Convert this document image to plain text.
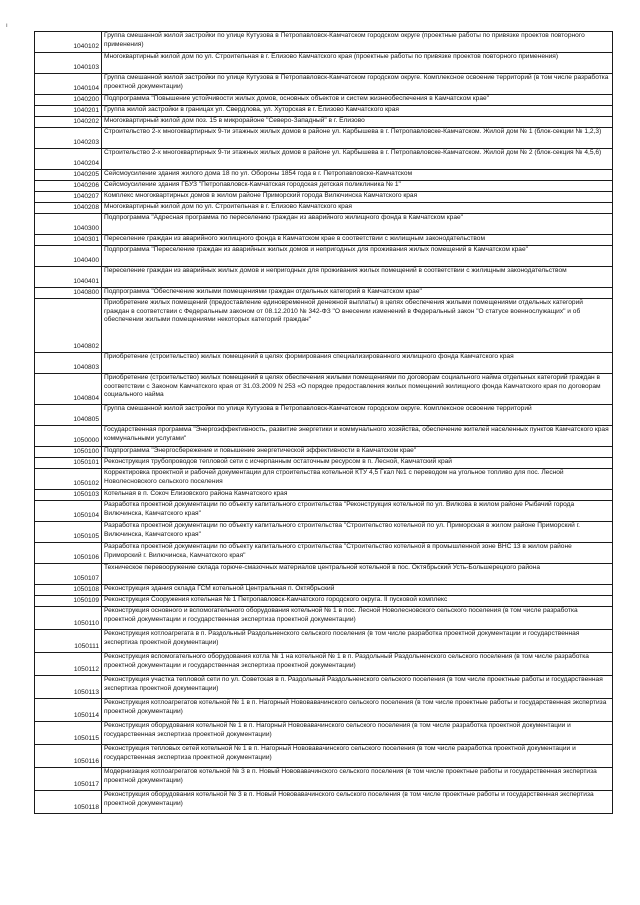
ı
1040102	Группа смешанной жилой застройки по улице Кутузова в Петропавловск-Камчатском городском округе (проектные работы по привязке проектов повторного применения)
1040103	Многоквартирный жилой дом по ул. Строительная в г. Елизово Камчатского края (проектные работы по привязке проектов повторного применения)
1040104	Группа смешанной жилой застройки по улице Кутузова в Петропавловск-Камчатском городском округе. Комплексное освоение территорий (в том числе разработка проектной документации)
1040200	Подпрограмма "Повышение устойчивости жилых домов, основных объектов и систем жизнеобеспечения в Камчатском крае"
1040201	Группа жилой застройки в границах ул. Свердлова, ул. Хуторская в г. Елизово Камчатского края
1040202	Многоквартирный жилой дом поз. 15 в микрорайоне "Северо-Западный" в г. Елизово
1040203	Строительство 2-х многоквартирных 9-ти этажных жилых домов в районе ул. Карбышева в г. Петропавловске-Камчатском. Жилой дом № 1 (блок-секции № 1,2,3)
1040204	Строительство 2-х многоквартирных 9-ти этажных жилых домов в районе ул. Карбышева в г. Петропавловске-Камчатском. Жилой дом № 2 (блок-секция № 4,5,6)
1040205	Сейсмоусиление здания жилого дома 18 по ул. Обороны 1854 года в г. Петропавловске-Камчатском
1040206	Сейсмоусиление здания ГБУЗ "Петропавловск-Камчатская городская детская поликлиника № 1"
1040207	Комплекс многоквартирных домов в жилом районе Приморский города Вилючинска Камчатского края
1040208	Многоквартирный жилой дом по ул. Строительная в г. Елизово Камчатского края
1040300	Подпрограмма "Адресная программа по переселению граждан из аварийного жилищного фонда в Камчатском крае"
1040301	Переселение граждан из аварийного жилищного фонда в Камчатском крае в соответствии с жилищным законодательством
1040400	Подпрограмма "Переселение граждан из аварийных жилых домов и непригодных для проживания жилых помещений в Камчатском крае"
1040401	Переселение граждан из аварийных жилых домов и непригодных для проживания жилых помещений в соответствии с жилищным законодательством
1040800	Подпрограмма "Обеспечение жилыми помещениями граждан отдельных категорий в Камчатском крае"
1040802	Приобретение жилых помещений (предоставление единовременной денежной выплаты) в целях обеспечения жилыми помещениями отдельных категорий граждан в соответствии с Федеральным законом от 08.12.2010 № 342-ФЗ "О внесении изменений в Федеральный закон "О статусе военнослужащих" и об обеспечении жилыми помещениями некоторых категорий граждан"
1040803	Приобретение (строительство) жилых помещений в целях формирования специализированного жилищного фонда Камчатского края
1040804	Приобретение (строительство) жилых помещений в целях обеспечения жилыми помещениями по договорам социального найма отдельных категорий граждан в соответствии с Законом Камчатского края от 31.03.2009 N 253 «О порядке предоставления жилых помещений жилищного фонда Камчатского края по договорам социального найма
1040805	Группа смешанной жилой застройки по улице Кутузова в Петропавловск-Камчатском городском округе. Комплексное освоение территорий
1050000	Государственная программа "Энергоэффективность, развитие энергетики и коммунального хозяйства, обеспечение жителей населенных пунктов Камчатского края коммунальными услугами"
1050100	Подпрограмма "Энергосбережение и повышение энергетической эффективности в Камчатском крае"
1050101	Реконструкция трубопроводов тепловой сети с исчерпанным остаточным ресурсом в п. Лесной, Камчатский край
1050102	Корректировка проектной и рабочей документации для строительства котельной КТУ 4,5 Гкал №1 с переводом на угольное топливо для пос. Лесной Новолесновского сельского поселения
1050103	Котельная в п. Сокоч Елизовского района Камчатского края
1050104	Разработка проектной документации по объекту капитального строительства "Реконструкция котельной по ул. Вилкова в жилом районе Рыбачий города Вилючинска, Камчатского края"
1050105	Разработка проектной документации по объекту капитального строительства "Строительство котельной по ул. Приморская в жилом районе Приморский г. Вилючинска, Камчатского края"
1050106	Разработка проектной документации по объекту капитального строительства "Строительство котельной в промышленной зоне ВНС 13 в жилом районе Приморский г. Вилючинска, Камчатского края"
1050107	Техническое перевооружение склада горюче-смазочных материалов центральной котельной в пос. Октябрьский Усть-Большерецкого района
1050108	Реконструкция здания склада ГСМ котельной Центральная п. Октябрьский
1050109	Реконструкция Сооружения котельная № 1 Петропавловск-Камчатского городского округа. II пусковой комплекс
1050110	Реконструкция основного и вспомогательного оборудования котельной № 1 в пос. Лесной Новолесновского сельского поселения (в том числе разработка проектной документации и государственная экспертиза проектной документации)
1050111	Реконструкция котлоагрегата в п. Раздольный Раздольненского сельского поселения (в том числе разработка проектной документации и государственная экспертиза проектной документации)
1050112	Реконструкция вспомогательного оборудования котла № 1 на котельной № 1 в п. Раздольный Раздольненского сельского поселения (в том числе разработка проектной документации и государственная экспертиза проектной документации)
1050113	Реконструкция участка тепловой сети по ул. Советская в п. Раздольный Раздольненского сельского поселения (в том числе проектные работы и государственная экспертиза проектной документации)
1050114	Реконструкция котлоагрегатов котельной № 1 в п. Нагорный Нововавачинского сельского поселения (в том числе проектные работы и государственная экспертиза проектной документации)
1050115	Реконструкция оборудования котельной № 1 в п. Нагорный Нововавачинского сельского поселения (в том числе разработка проектной документации и государственная экспертиза проектной документации)
1050116	Реконструкция тепловых сетей котельной № 1 в п. Нагорный Нововавачинского сельского поселения (в том числе разработка проектной документации и государственная экспертиза проектной документации)
1050117	Модернизация котлоагрегатов котельной № 3 в п. Новый Нововавачинского сельского поселения (в том числе проектные работы и государственная экспертиза проектной документации)
1050118	Реконструкция оборудования котельной № 3 в п. Новый Нововавачинского сельского поселения (в том числе проектные работы и государственная экспертиза проектной документации)
